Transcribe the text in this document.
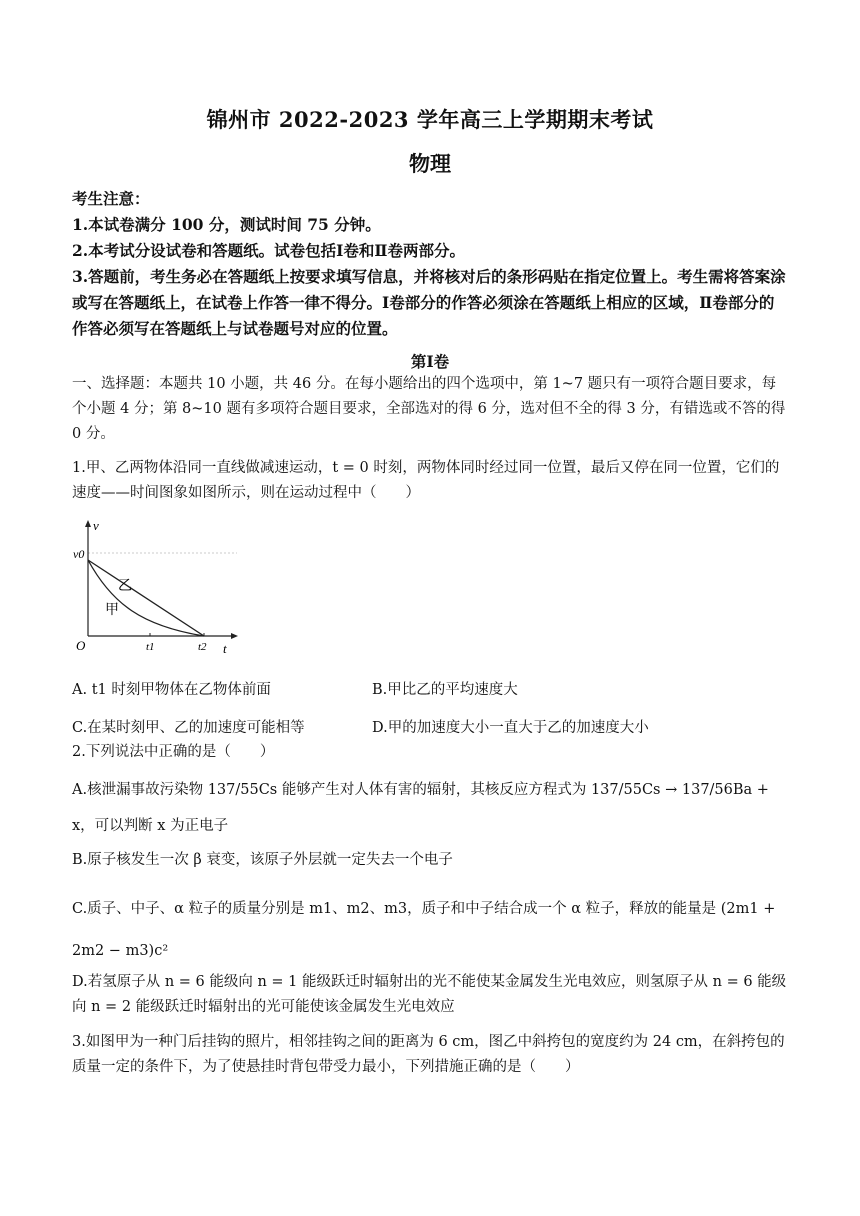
锦州市 2022-2023 学年高三上学期期末考试
物理
考生注意：
1.本试卷满分 100 分，测试时间 75 分钟。
2.本考试分设试卷和答题纸。试卷包括Ⅰ卷和Ⅱ卷两部分。
3.答题前，考生务必在答题纸上按要求填写信息，并将核对后的条形码贴在指定位置上。考生需将答案涂或写在答题纸上，在试卷上作答一律不得分。Ⅰ卷部分的作答必须涂在答题纸上相应的区域，Ⅱ卷部分的作答必须写在答题纸上与试卷题号对应的位置。
第Ⅰ卷
一、选择题：本题共 10 小题，共 46 分。在每小题给出的四个选项中，第 1~7 题只有一项符合题目要求，每个小题 4 分；第 8~10 题有多项符合题目要求，全部选对的得 6 分，选对但不全的得 3 分，有错选或不答的得 0 分。
1.甲、乙两物体沿同一直线做减速运动，t = 0 时刻，两物体同时经过同一位置，最后又停在同一位置，它们的速度——时间图象如图所示，则在运动过程中（　　）
v
v0
O	t1	t2 t
乙
甲
A. t1 时刻甲物体在乙物体前面	B.甲比乙的平均速度大
C.在某时刻甲、乙的加速度可能相等	D.甲的加速度大小一直大于乙的加速度大小
2.下列说法中正确的是（　　）
A.核泄漏事故污染物 137/55Cs 能够产生对人体有害的辐射，其核反应方程式为 137/55Cs → 137/56Ba + x，可以判断 x 为正电子
B.原子核发生一次 β 衰变，该原子外层就一定失去一个电子
C.质子、中子、α 粒子的质量分别是 m1、m2、m3，质子和中子结合成一个 α 粒子，释放的能量是 (2m1 + 2m2 − m3)c²
D.若氢原子从 n = 6 能级向 n = 1 能级跃迁时辐射出的光不能使某金属发生光电效应，则氢原子从 n = 6 能级向 n = 2 能级跃迁时辐射出的光可能使该金属发生光电效应
3.如图甲为一种门后挂钩的照片，相邻挂钩之间的距离为 6 cm，图乙中斜挎包的宽度约为 24 cm，在斜挎包的质量一定的条件下，为了使悬挂时背包带受力最小，下列措施正确的是（　　）
